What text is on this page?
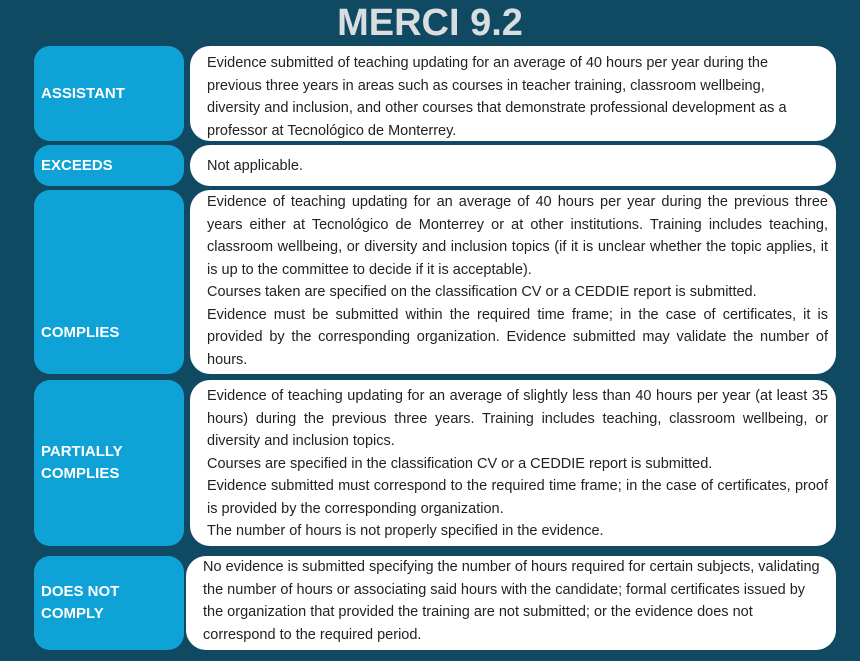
MERCI 9.2
ASSISTANT

Evidence submitted of teaching updating for an average of 40 hours per year during the previous three years in areas such as courses in teacher training, classroom wellbeing, diversity and inclusion, and other courses that demonstrate professional development as a professor at Tecnológico de Monterrey.

EXCEEDS	Not applicable.

COMPLIES

Evidence of teaching updating for an average of 40 hours per year during the previous three years either at Tecnológico de Monterrey or at other institutions. Training includes teaching, classroom wellbeing, or diversity and inclusion topics (if it is unclear whether the topic applies, it is up to the committee to decide if it is acceptable).

Courses taken are specified on the classification CV or a CEDDIE report is submitted.

Evidence must be submitted within the required time frame; in the case of certificates, it is provided by the corresponding organization. Evidence submitted may validate the number of hours.

PARTIALLY
COMPLIES

Evidence of teaching updating for an average of slightly less than 40 hours per year (at least 35 hours) during the previous three years. Training includes teaching, classroom wellbeing, or diversity and inclusion topics.

Courses are specified in the classification CV or a CEDDIE report is submitted.

Evidence submitted must correspond to the required time frame; in the case of certificates, proof is provided by the corresponding organization.

The number of hours is not properly specified in the evidence.

DOES NOT
COMPLY

No evidence is submitted specifying the number of hours required for certain subjects, validating the number of hours or associating said hours with the candidate; formal certificates issued by the organization that provided the training are not submitted; or the evidence does not correspond to the required period.
